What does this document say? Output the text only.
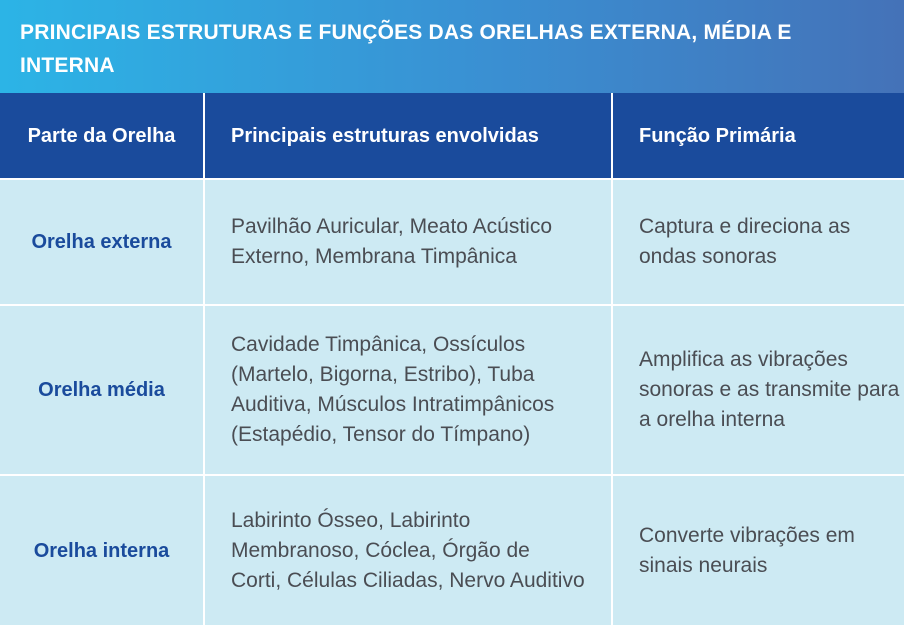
PRINCIPAIS ESTRUTURAS E FUNÇÕES DAS ORELHAS EXTERNA, MÉDIA E INTERNA
Parte da Orelha	Principais estruturas envolvidas	Função Primária
Orelha externa
Pavilhão Auricular, Meato Acústico Externo, Membrana Timpânica
Captura e direciona as ondas sonoras
Orelha média
Cavidade Timpânica, Ossículos (Martelo, Bigorna, Estribo), Tuba Auditiva, Músculos Intratimpânicos (Estapédio, Tensor do Tímpano)
Amplifica as vibrações sonoras e as transmite para a orelha interna
Orelha interna
Labirinto Ósseo, Labirinto Membranoso, Cóclea, Órgão de Corti, Células Ciliadas, Nervo Auditivo
Converte vibrações em sinais neurais
